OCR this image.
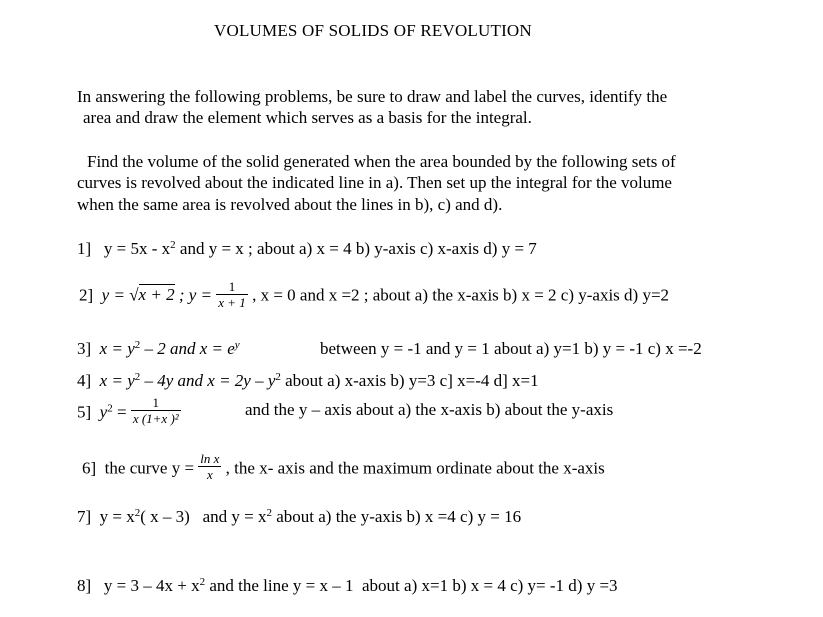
VOLUMES OF SOLIDS OF REVOLUTION
In answering the following problems, be sure to draw and label the curves, identify the
area and draw the element which serves as a basis for the integral.
Find the volume of the solid generated when the area bounded by the following sets of
curves is revolved about the indicated line in a). Then set up the integral for the volume
when the same area is revolved about the lines in b), c) and d).
1] $y = 5x - x^2$ and y = x ; about a) x = 4 b) y-axis c) x-axis d) y = 7
2] y = √x + 2 ; $y = \frac{1}{x + 1}$ , x = 0 and x =2 ; about a) the x-axis b) x = 2 c) y-axis d) y=2
3] $x = y^2 - 2$ and $x = e^y$	between y = -1 and y = 1 about a) y=1 b) y = -1 c) x =-2
4] $x = y^2 - 4y$ and $x = 2y - y^2$ about a) x-axis b) y=3 c] x=-4 d] x=1
5] $y^2 = \frac{1}{\text{x (1+x )²}}$	and the y – axis about a) the x-axis b) about the y-axis
6] the curve $y = \frac{\text{ln x}}{x}$ , the x- axis and the maximum ordinate about the x-axis
7] $y = x^2$( x – 3) and $y = x^2$ about a) the y-axis b) x =4 c) y = 16
8] $y = 3 - 4x + x^2$ and the line y = x – 1 about a) x=1 b) x = 4 c) y= -1 d) y =3
